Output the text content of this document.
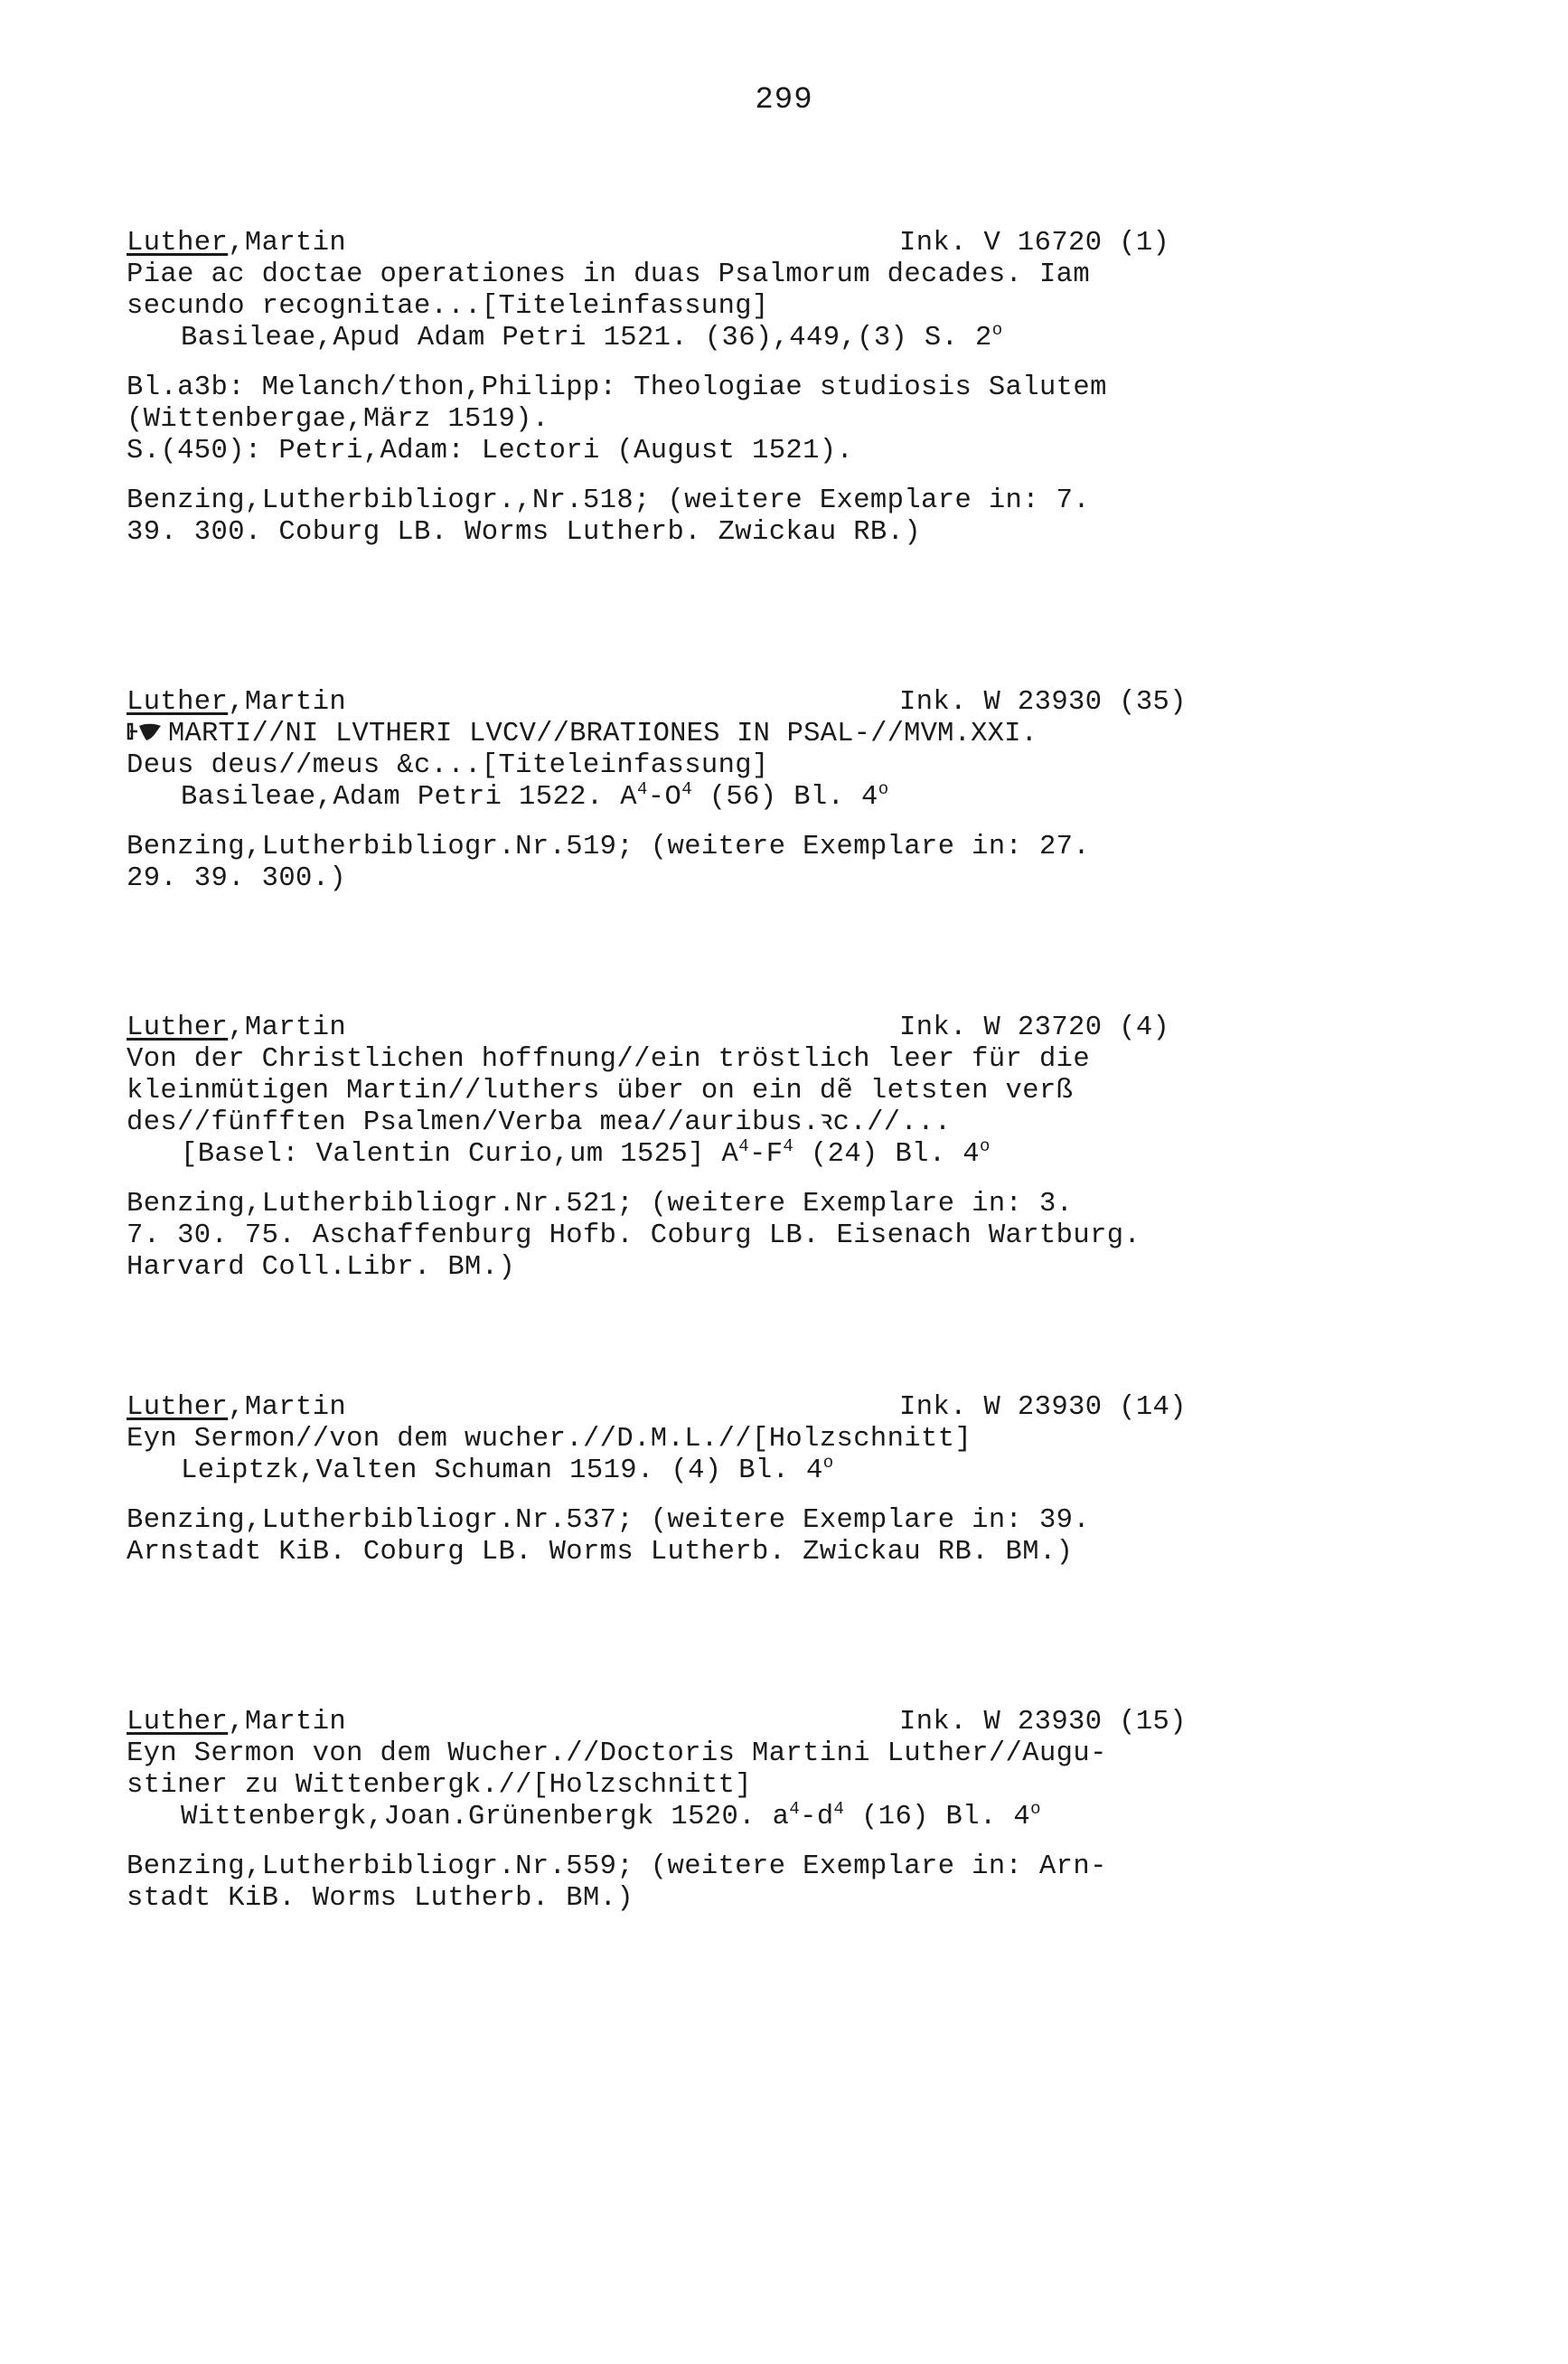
299

Luther,Martin

	Ink. V 16720 (1)

Piae ac doctae operationes in duas Psalmorum decades. Iam
secundo recognitae...[Titeleinfassung]
Basileae,Apud Adam Petri 1521. (36),449,(3) S. 2$^o$
Bl.a3b: Melanch/thon,Philipp: Theologiae studiosis Salutem
(Wittenbergae,März 1519).
S.(450): Petri,Adam: Lectori (August 1521).
Benzing,Lutherbibliogr.,Nr.518; (weitere Exemplare in: 7.
39. 300. Coburg LB. Worms Lutherb. Zwickau RB.)

Luther,Martin

	Ink. W 23930 (35)

MARTI//NI LVTHERI LVCV//BRATIONES IN PSAL-//MVM.XXI.
Deus deus//meus &c...[Titeleinfassung]
Basileae,Adam Petri 1522. $A^4-O^4$ (56) Bl. 4$^o$
Benzing,Lutherbibliogr.Nr.519; (weitere Exemplare in: 27.
29. 39. 300.)

Luther,Martin

	Ink. W 23720 (4)

Von der Christlichen hoffnung//ein tröstlich leer für die
kleinmütigen Martin//luthers über on ein dẽ letsten verß
des//fünfften Psalmen/Verba mea//auribus.ꝛc.//...
[Basel: Valentin Curio,um 1525] $A^4-F^4$ (24) Bl. 4$^o$
Benzing,Lutherbibliogr.Nr.521; (weitere Exemplare in: 3.
7. 30. 75. Aschaffenburg Hofb. Coburg LB. Eisenach Wartburg.
Harvard Coll.Libr. BM.)

Luther,Martin

	Ink. W 23930 (14)

Eyn Sermon//von dem wucher.//D.M.L.//[Holzschnitt]
Leiptzk,Valten Schuman 1519. (4) Bl. 4$^o$
Benzing,Lutherbibliogr.Nr.537; (weitere Exemplare in: 39.
Arnstadt KiB. Coburg LB. Worms Lutherb. Zwickau RB. BM.)

Luther,Martin

	Ink. W 23930 (15)

Eyn Sermon von dem Wucher.//Doctoris Martini Luther//Augu-
stiner zu Wittenbergk.//[Holzschnitt]
Wittenbergk,Joan.Grünenbergk 1520. $a^4-d^4$ (16) Bl. 4$^o$
Benzing,Lutherbibliogr.Nr.559; (weitere Exemplare in: Arn-
stadt KiB. Worms Lutherb. BM.)
